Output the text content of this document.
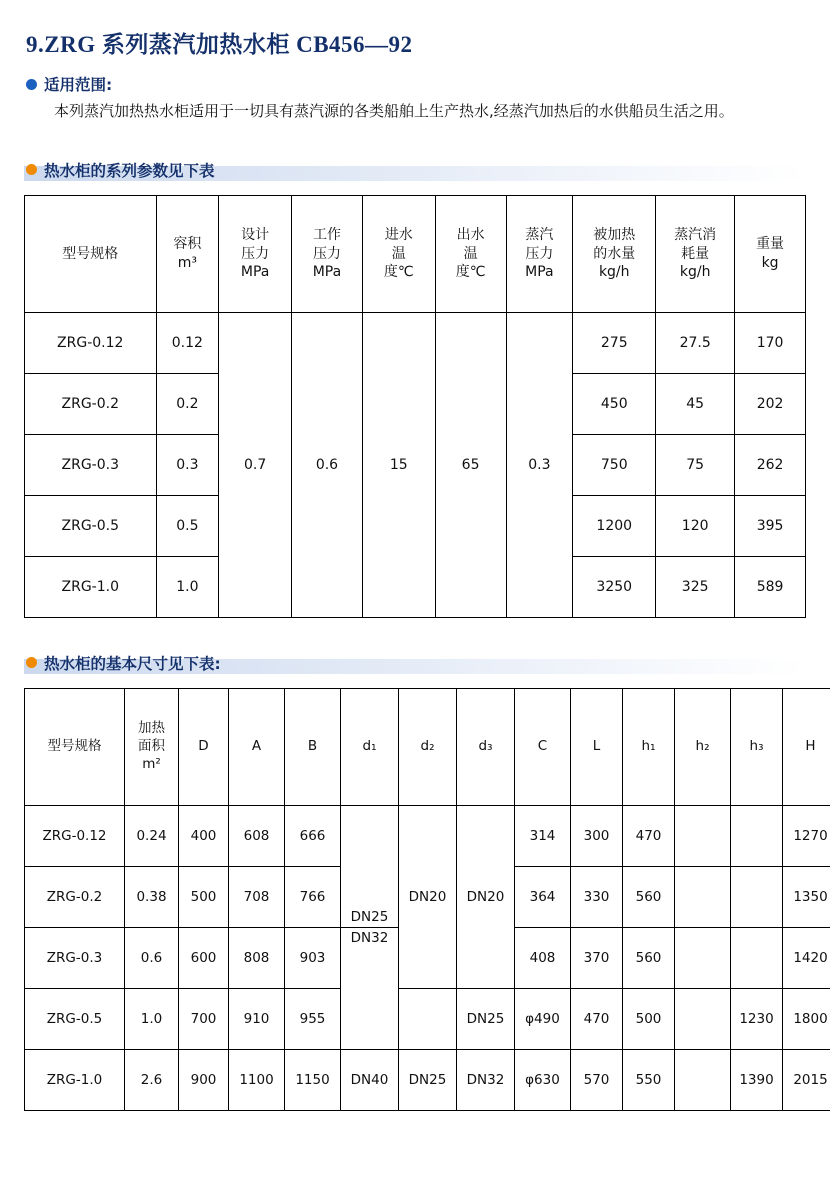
9.ZRG 系列蒸汽加热水柜 CB456—92
适用范围:

本列蒸汽加热热水柜适用于一切具有蒸汽源的各类船舶上生产热水,经蒸汽加热后的水供船员生活之用。

热水柜的系列参数见下表
型号规格	容积
m³	设计
压力
MPa	工作
压力
MPa	进水
温
度℃	出水
温
度℃	蒸汽
压力
MPa	被加热
的水量
kg/h	蒸汽消
耗量
kg/h	重量
kg

ZRG-0.12	0.12	0.7	0.6	15	65	0.3	275	27.5	170
ZRG-0.2	0.2						450	45	202
ZRG-0.3	0.3						750	75	262
ZRG-0.5	0.5						1200	120	395
ZRG-1.0	1.0						3250	325	589
热水柜的基本尺寸见下表:
型号规格	加热
面积
m²	D	A	B	d₁	d₂	d₃	C	L	h₁	h₂	h₃	H
ZRG-0.12	0.24	400	608	666	DN25	DN20	DN20	314	300	470			1270
ZRG-0.2	0.38	500	708	766				364	330	560			1350
ZRG-0.3	0.6	600	808	903	DN32			408	370	560			1420
ZRG-0.5	1.0	700	910	955			DN25	φ490	470	500		1230	1800
ZRG-1.0	2.6	900	1100	1150	DN40	DN25	DN32	φ630	570	550		1390	2015
